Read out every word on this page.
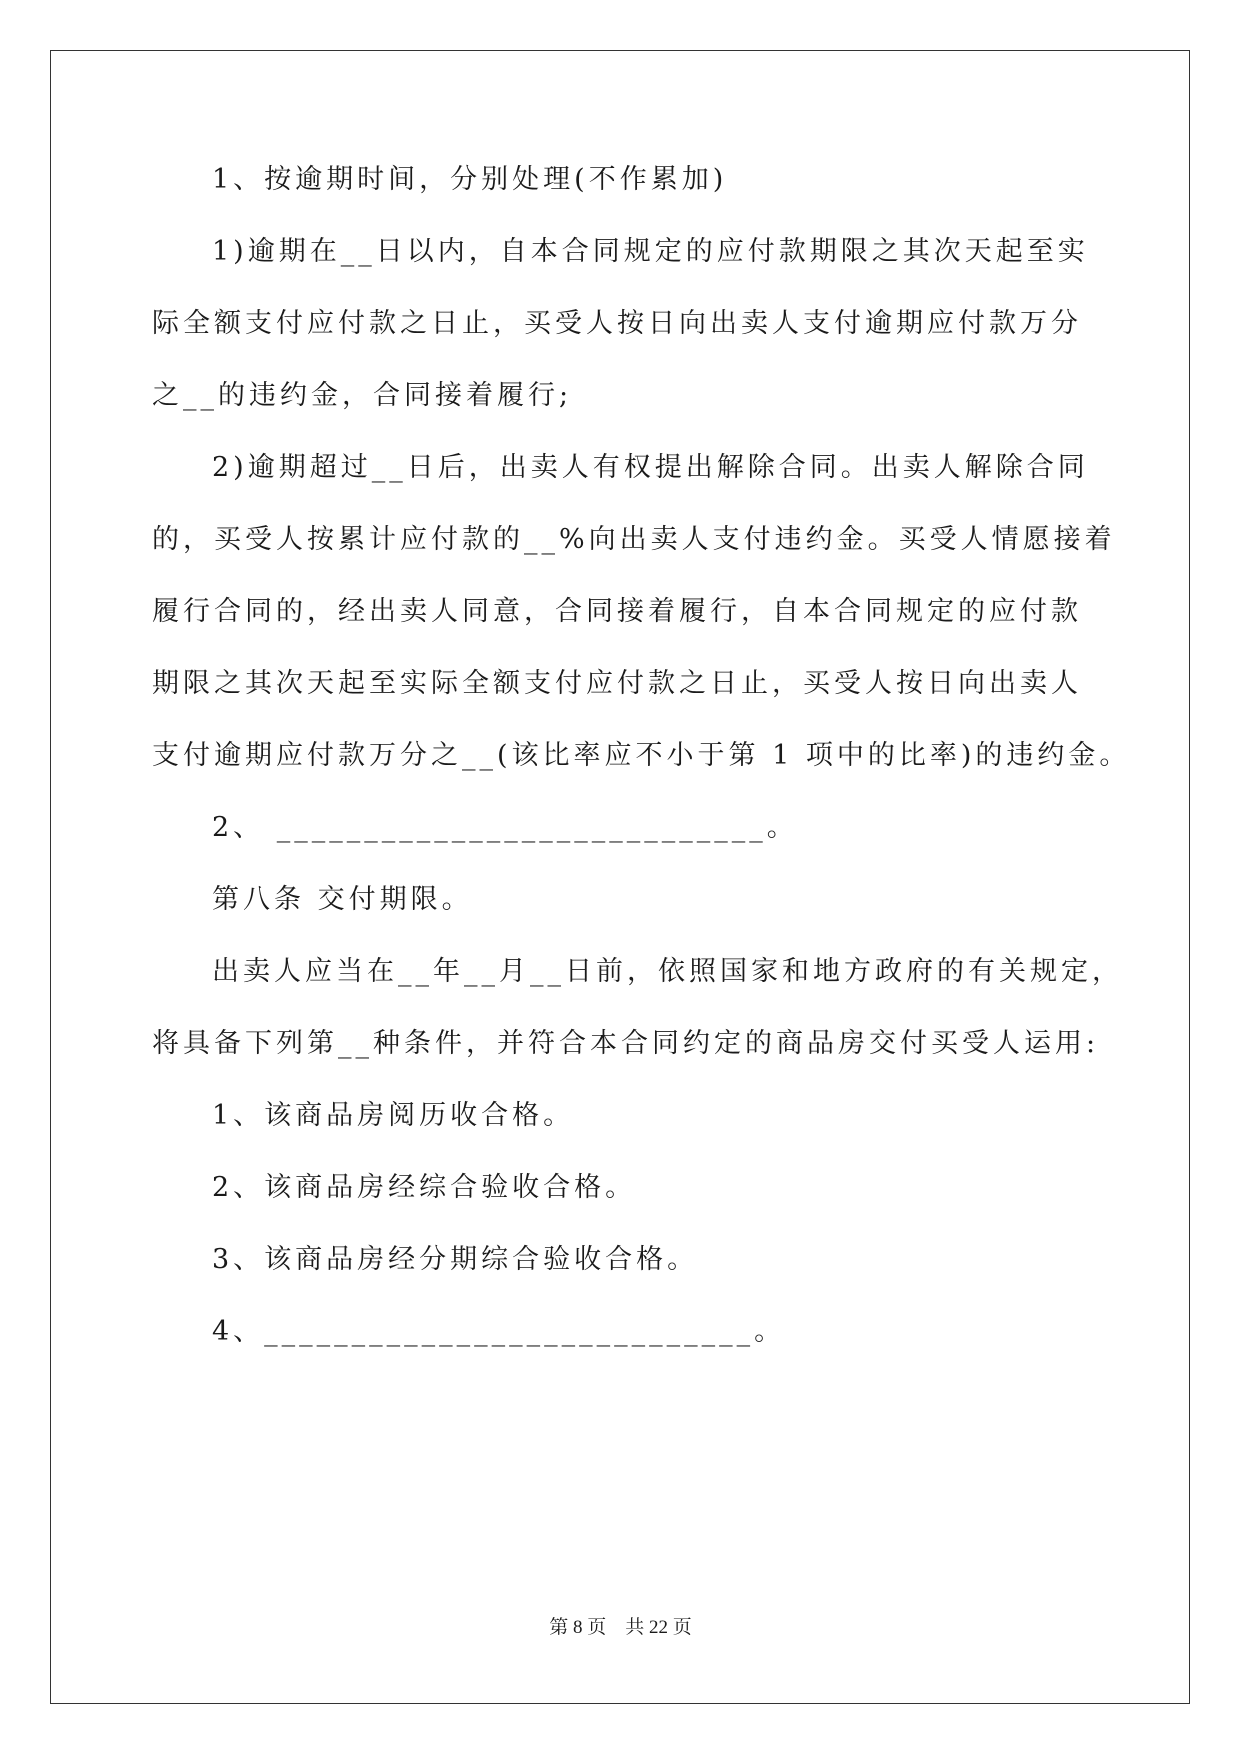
1、按逾期时间，分别处理(不作累加)
1)逾期在__日以内，自本合同规定的应付款期限之其次天起至实
际全额支付应付款之日止，买受人按日向出卖人支付逾期应付款万分
之__的违约金，合同接着履行;
2)逾期超过__日后，出卖人有权提出解除合同。出卖人解除合同
的，买受人按累计应付款的__%向出卖人支付违约金。买受人情愿接着
履行合同的，经出卖人同意，合同接着履行，自本合同规定的应付款
期限之其次天起至实际全额支付应付款之日止，买受人按日向出卖人
支付逾期应付款万分之__(该比率应不小于第 1 项中的比率)的违约金。
2、 ____________________________。
第八条 交付期限。
出卖人应当在__年__月__日前，依照国家和地方政府的有关规定，
将具备下列第__种条件，并符合本合同约定的商品房交付买受人运用:
1、该商品房阅历收合格。
2、该商品房经综合验收合格。
3、该商品房经分期综合验收合格。
4、____________________________。
第 8 页　共 22 页
